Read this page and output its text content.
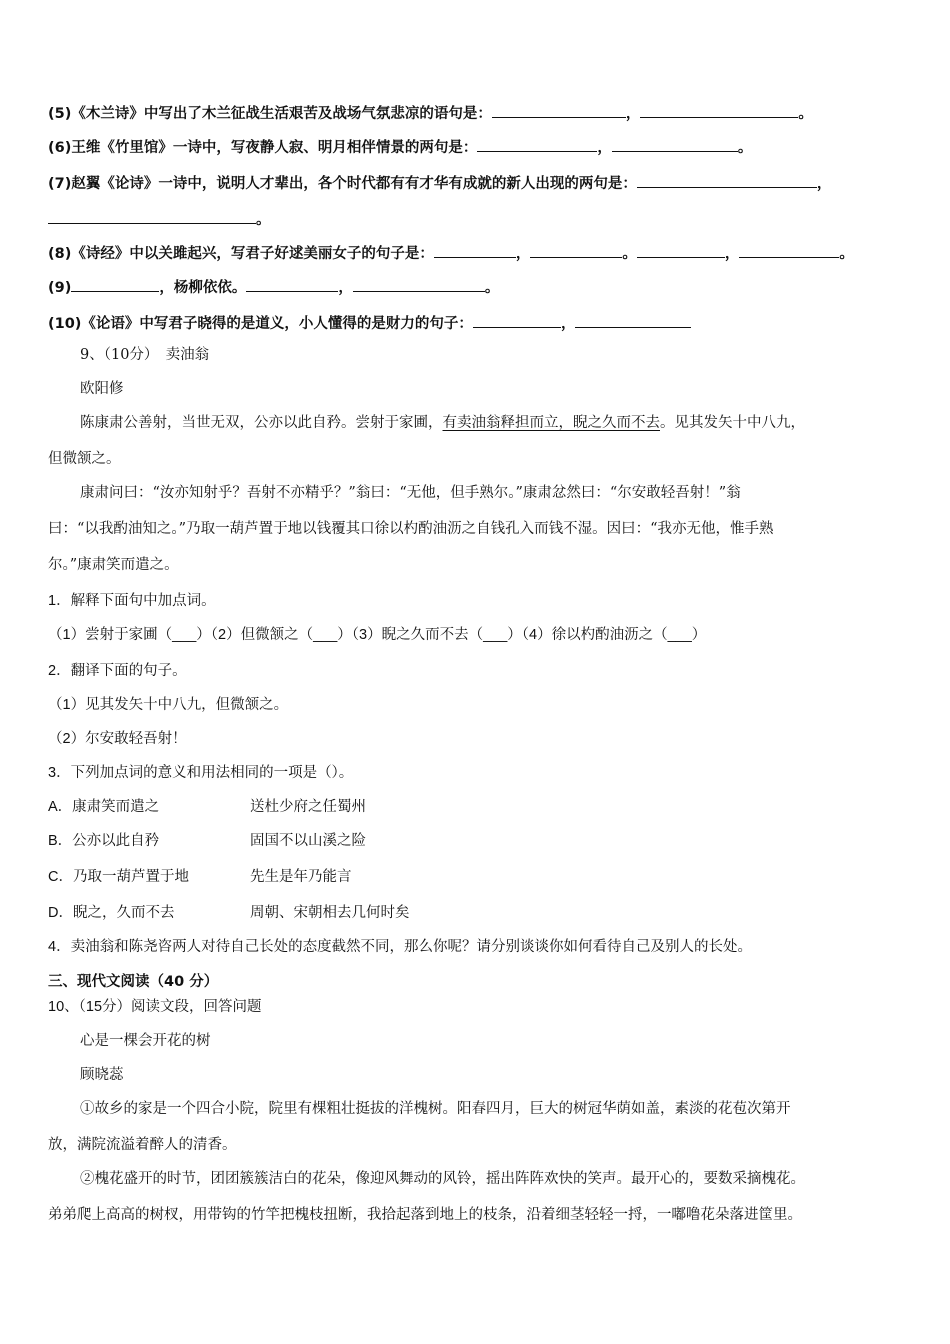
(5)《木兰诗》中写出了木兰征战生活艰苦及战场气氛悲凉的语句是：	，	。
(6)王维《竹里馆》一诗中，写夜静人寂、明月相伴情景的两句是：	，	。
(7)赵翼《论诗》一诗中，说明人才辈出，各个时代都有有才华有成就的新人出现的两句是：	，
。
(8)《诗经》中以关雎起兴，写君子好逑美丽女子的句子是：	，	。	，	。
(9)	，杨柳依依。	，	。
(10)《论语》中写君子晓得的是道义，小人懂得的是财力的句子：	，
9、（10分）　卖油翁
欧阳修
陈康肃公善射，当世无双，公亦以此自矜。尝射于家圃，有卖油翁释担而立，睨之久而不去。见其发矢十中八九，
但微颔之。
康肃问曰：“汝亦知射乎？吾射不亦精乎？”翁曰：“无他，但手熟尔。”康肃忿然曰：“尔安敢轻吾射！”翁
曰：“以我酌油知之。”乃取一葫芦置于地以钱覆其口徐以杓酌油沥之自钱孔入而钱不湿。因曰：“我亦无他，惟手熟
尔。”康肃笑而遣之。
1．解释下面句中加点词。
（1）尝射于家圃（___）（2）但微颔之（___）（3）睨之久而不去（___）（4）徐以杓酌油沥之（___）
2．翻译下面的句子。
（1）见其发矢十中八九，但微颔之。
（2）尔安敢轻吾射！
3．下列加点词的意义和用法相同的一项是（）。
A．康肃笑而遣之	送杜少府之任蜀州
B．公亦以此自矜	固国不以山溪之险
C．乃取一葫芦置于地	先生是年乃能言
D．睨之，久而不去	周朝、宋朝相去几何时矣
4．卖油翁和陈尧咨两人对待自己长处的态度截然不同，那么你呢？请分别谈谈你如何看待自己及别人的长处。
三、现代文阅读（40 分）
10、（15分）阅读文段，回答问题
心是一棵会开花的树
顾晓蕊
①故乡的家是一个四合小院，院里有棵粗壮挺拔的洋槐树。阳春四月，巨大的树冠华荫如盖，素淡的花苞次第开
放，满院流溢着醉人的清香。
②槐花盛开的时节，团团簇簇洁白的花朵，像迎风舞动的风铃，摇出阵阵欢快的笑声。最开心的，要数采摘槐花。
弟弟爬上高高的树杈，用带钩的竹竿把槐枝扭断，我拾起落到地上的枝条，沿着细茎轻轻一捋，一嘟噜花朵落进筐里。
